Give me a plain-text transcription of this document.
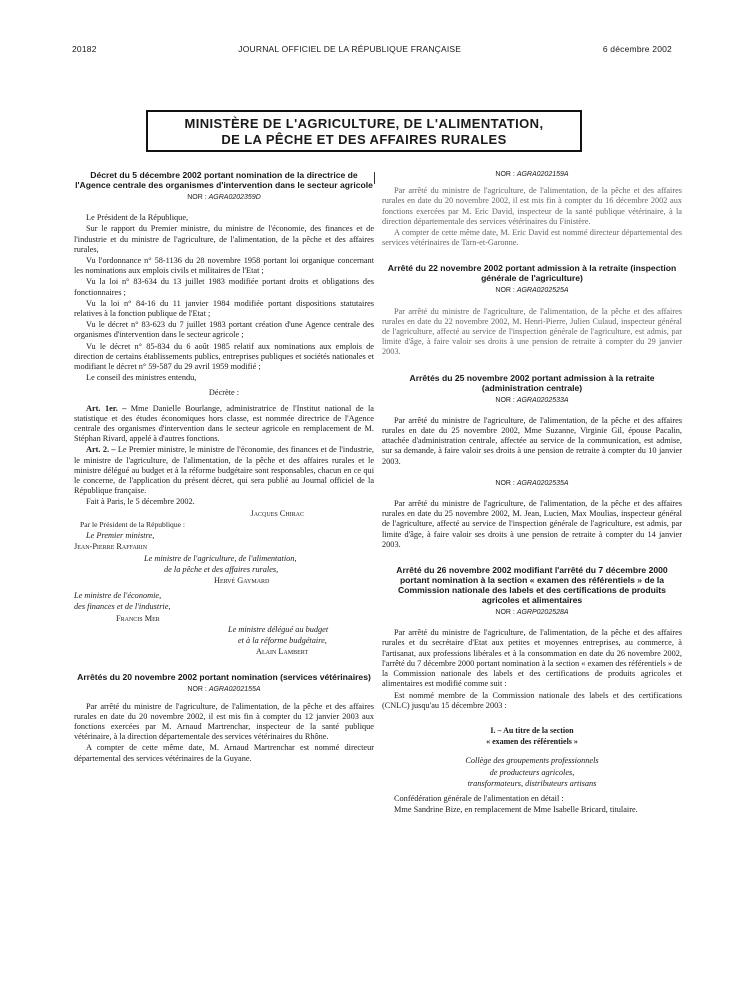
20182	JOURNAL OFFICIEL DE LA RÉPUBLIQUE FRANÇAISE	6 décembre 2002
MINISTÈRE DE L'AGRICULTURE, DE L'ALIMENTATION,
DE LA PÊCHE ET DES AFFAIRES RURALES
Décret du 5 décembre 2002 portant nomination de la directrice de l'Agence centrale des organismes d'intervention dans le secteur agricole
NOR : AGRA0202359D

Le Président de la République,

Sur le rapport du Premier ministre, du ministre de l'économie, des finances et de l'industrie et du ministre de l'agriculture, de l'alimentation, de la pêche et des affaires rurales,

Vu l'ordonnance n° 58-1136 du 28 novembre 1958 portant loi organique concernant les nominations aux emplois civils et militaires de l'Etat ;

Vu la loi n° 83-634 du 13 juillet 1983 modifiée portant droits et obligations des fonctionnaires ;

Vu la loi n° 84-16 du 11 janvier 1984 modifiée portant dispositions statutaires relatives à la fonction publique de l'Etat ;

Vu le décret n° 83-623 du 7 juillet 1983 portant création d'une Agence centrale des organismes d'intervention dans le secteur agricole ;

Vu le décret n° 85-834 du 6 août 1985 relatif aux nominations aux emplois de direction de certains établissements publics, entreprises publiques et sociétés nationales et modifiant le décret n° 59-587 du 29 avril 1959 modifié ;

Le conseil des ministres entendu,

Décrète :

Art. 1er. – Mme Danielle Bourlange, administratrice de l'Institut national de la statistique et des études économiques hors classe, est nommée directrice de l'Agence centrale des organismes d'intervention dans le secteur agricole en remplacement de M. Stéphan Rivard, appelé à d'autres fonctions.

Art. 2. – Le Premier ministre, le ministre de l'économie, des finances et de l'industrie, le ministre de l'agriculture, de l'alimentation, de la pêche et des affaires rurales et le ministre délégué au budget et à la réforme budgétaire sont responsables, chacun en ce qui le concerne, de l'application du présent décret, qui sera publié au Journal officiel de la République française.

Fait à Paris, le 5 décembre 2002.

Jacques Chirac

Par le Président de la République :

Le Premier ministre,

Jean-Pierre Raffarin

Le ministre de l'agriculture, de l'alimentation,

de la pêche et des affaires rurales,

Hervé Gaymard

Le ministre de l'économie,

des finances et de l'industrie,

Francis Mer

Le ministre délégué au budget

et à la réforme budgétaire,

Alain Lambert

Arrêtés du 20 novembre 2002 portant nomination (services vétérinaires)
NOR : AGRA0202155A

Par arrêté du ministre de l'agriculture, de l'alimentation, de la pêche et des affaires rurales en date du 20 novembre 2002, il est mis fin à compter du 12 janvier 2003 aux fonctions exercées par M. Arnaud Martrenchar, inspecteur de la santé publique vétérinaire, à la direction départementale des services vétérinaires du Rhône.

A compter de cette même date, M. Arnaud Martrenchar est nommé directeur départemental des services vétérinaires de la Guyane.

NOR : AGRA0202159A

Par arrêté du ministre de l'agriculture, de l'alimentation, de la pêche et des affaires rurales en date du 20 novembre 2002, il est mis fin à compter du 16 décembre 2002 aux fonctions exercées par M. Eric David, inspecteur de la santé publique vétérinaire, à la direction départementale des services vétérinaires du Finistère.

A compter de cette même date, M. Eric David est nommé directeur départemental des services vétérinaires de Tarn-et-Garonne.

Arrêté du 22 novembre 2002 portant admission à la retraite (inspection générale de l'agriculture)
NOR : AGRA0202525A

Par arrêté du ministre de l'agriculture, de l'alimentation, de la pêche et des affaires rurales en date du 22 novembre 2002, M. Henri-Pierre, Julien Culaud, inspecteur général de l'agriculture, affecté au service de l'inspection générale de l'agriculture, est admis, par limite d'âge, à faire valoir ses droits à une pension de retraite à compter du 29 janvier 2003.

Arrêtés du 25 novembre 2002 portant admission à la retraite (administration centrale)
NOR : AGRA0202533A

Par arrêté du ministre de l'agriculture, de l'alimentation, de la pêche et des affaires rurales en date du 25 novembre 2002, Mme Suzanne, Virginie Gil, épouse Pacalin, attachée d'administration centrale, affectée au service de la communication, est admise, sur sa demande, à faire valoir ses droits à une pension de retraite à compter du 10 janvier 2003.

NOR : AGRA0202535A

Par arrêté du ministre de l'agriculture, de l'alimentation, de la pêche et des affaires rurales en date du 25 novembre 2002, M. Jean, Lucien, Max Moulias, inspecteur général de l'agriculture, affecté au service de l'inspection générale de l'agriculture, est admis, par limite d'âge, à faire valoir ses droits à une pension de retraite à compter du 14 janvier 2003.

Arrêté du 26 novembre 2002 modifiant l'arrêté du 7 décembre 2000 portant nomination à la section « examen des référentiels » de la Commission nationale des labels et des certifications de produits agricoles et alimentaires
NOR : AGRP0202528A

Par arrêté du ministre de l'agriculture, de l'alimentation, de la pêche et des affaires rurales et du secrétaire d'Etat aux petites et moyennes entreprises, au commerce, à l'artisanat, aux professions libérales et à la consommation en date du 26 novembre 2002, l'arrêté du 7 décembre 2000 portant nomination à la section « examen des référentiels » de la Commission nationale des labels et des certifications de produits agricoles et alimentaires est modifié comme suit :

Est nommé membre de la Commission nationale des labels et des certifications (CNLC) jusqu'au 15 décembre 2003 :

I. – Au titre de la section

« examen des référentiels »

Collège des groupements professionnels

de producteurs agricoles,

transformateurs, distributeurs artisans

Confédération générale de l'alimentation en détail :

Mme Sandrine Bize, en remplacement de Mme Isabelle Bricard, titulaire.
